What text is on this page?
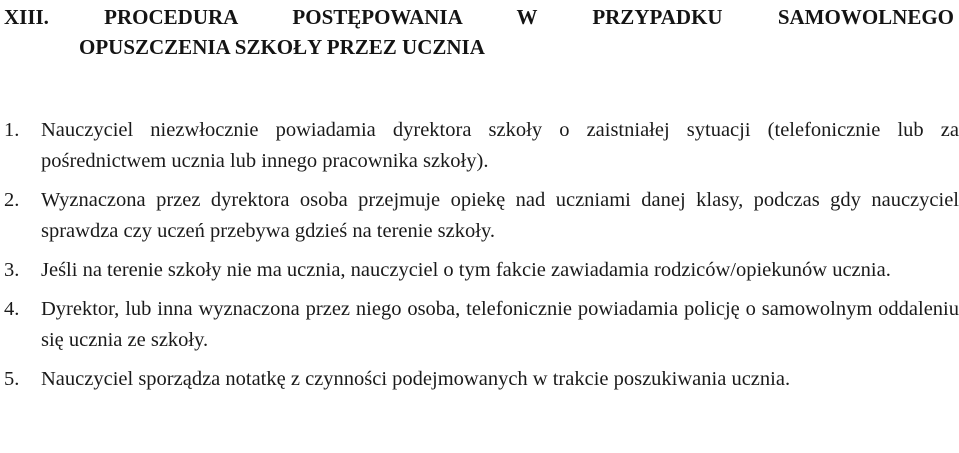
XIII. PROCEDURA POSTĘPOWANIA W PRZYPADKU SAMOWOLNEGO
OPUSZCZENIA SZKOŁY PRZEZ UCZNIA
1. Nauczyciel niezwłocznie powiadamia dyrektora szkoły o zaistniałej sytuacji (telefonicznie lub za pośrednictwem ucznia lub innego pracownika szkoły).
2. Wyznaczona przez dyrektora osoba przejmuje opiekę nad uczniami danej klasy, podczas gdy nauczyciel sprawdza czy uczeń przebywa gdzieś na terenie szkoły.
3. Jeśli na terenie szkoły nie ma ucznia, nauczyciel o tym fakcie zawiadamia rodziców/opiekunów ucznia.
4. Dyrektor, lub inna wyznaczona przez niego osoba, telefonicznie powiadamia policję o samowolnym oddaleniu się ucznia ze szkoły.
5. Nauczyciel sporządza notatkę z czynności podejmowanych w trakcie poszukiwania ucznia.
